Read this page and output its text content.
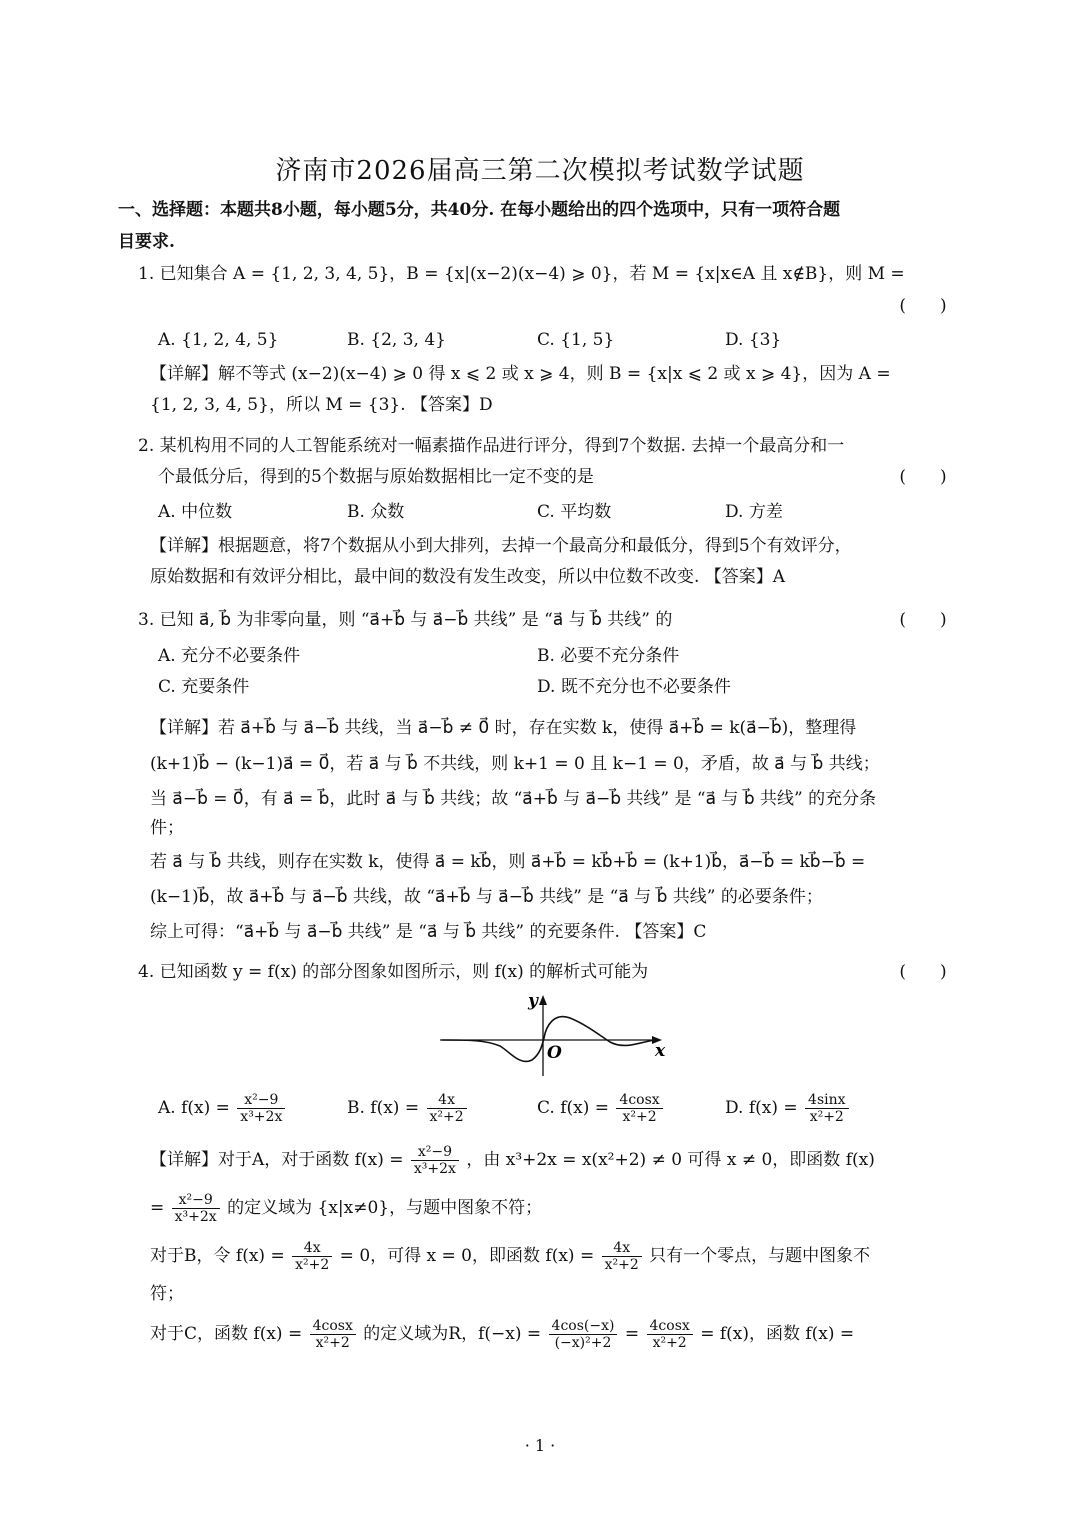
济南市2026届高三第二次模拟考试数学试题
一、选择题：本题共8小题，每小题5分，共40分. 在每小题给出的四个选项中，只有一项符合题
目要求.
1. 已知集合 A = {1, 2, 3, 4, 5}，B = {x|(x−2)(x−4) ⩾ 0}，若 M = {x|x∈A 且 x∉B}，则 M =
(　　)
A. {1, 2, 4, 5}	B. {2, 3, 4}	C. {1, 5}	D. {3}
【详解】解不等式 (x−2)(x−4) ⩾ 0 得 x ⩽ 2 或 x ⩾ 4，则 B = {x|x ⩽ 2 或 x ⩾ 4}，因为 A =
{1, 2, 3, 4, 5}，所以 M = {3}. 【答案】D
2. 某机构用不同的人工智能系统对一幅素描作品进行评分，得到7个数据. 去掉一个最高分和一
个最低分后，得到的5个数据与原始数据相比一定不变的是	(　　)
A. 中位数	B. 众数	C. 平均数	D. 方差
【详解】根据题意，将7个数据从小到大排列，去掉一个最高分和最低分，得到5个有效评分，
原始数据和有效评分相比，最中间的数没有发生改变，所以中位数不改变. 【答案】A
3. 已知 a⃗, b⃗ 为非零向量，则 “a⃗+b⃗ 与 a⃗−b⃗ 共线” 是 “a⃗ 与 b⃗ 共线” 的	(　　)
A. 充分不必要条件	B. 必要不充分条件
C. 充要条件	D. 既不充分也不必要条件
【详解】若 a⃗+b⃗ 与 a⃗−b⃗ 共线，当 a⃗−b⃗ ≠ 0⃗ 时，存在实数 k，使得 a⃗+b⃗ = k(a⃗−b⃗)，整理得
(k+1)b⃗ − (k−1)a⃗ = 0⃗，若 a⃗ 与 b⃗ 不共线，则 k+1 = 0 且 k−1 = 0，矛盾，故 a⃗ 与 b⃗ 共线；
当 a⃗−b⃗ = 0⃗，有 a⃗ = b⃗，此时 a⃗ 与 b⃗ 共线；故 “a⃗+b⃗ 与 a⃗−b⃗ 共线” 是 “a⃗ 与 b⃗ 共线” 的充分条
件；
若 a⃗ 与 b⃗ 共线，则存在实数 k，使得 a⃗ = kb⃗，则 a⃗+b⃗ = kb⃗+b⃗ = (k+1)b⃗，a⃗−b⃗ = kb⃗−b⃗ =
(k−1)b⃗，故 a⃗+b⃗ 与 a⃗−b⃗ 共线，故 “a⃗+b⃗ 与 a⃗−b⃗ 共线” 是 “a⃗ 与 b⃗ 共线” 的必要条件；
综上可得：“a⃗+b⃗ 与 a⃗−b⃗ 共线” 是 “a⃗ 与 b⃗ 共线” 的充要条件. 【答案】C
4. 已知函数 y = f(x) 的部分图象如图所示，则 f(x) 的解析式可能为	(　　)
y
x
O
A. $f(x) = \frac{\text{x²−9}}{\text{x³+2x}}$	B. $f(x) = \frac{4x}{\text{x²+2}}$	C. $f(x) = \frac{4\cos x}{\text{x²+2}}$	D. $f(x) = \frac{4\sin x}{\text{x²+2}}$
【详解】对于A，对于函数 $f(x) = \frac{\text{x²−9}}{\text{x³+2x}}$ ，由 x³+2x = x(x²+2) ≠ 0 可得 x ≠ 0，即函数 f(x)
= $\frac{\text{x²−9}}{\text{x³+2x}}$ 的定义域为 {x|x≠0}，与题中图象不符；
对于B，令 $f(x) = \frac{4x}{\text{x²+2}} = 0$，可得 x = 0，即函数 $f(x) = \frac{4x}{\text{x²+2}}$ 只有一个零点，与题中图象不
符；
对于C，函数 $f(x) = \frac{4\cos x}{\text{x²+2}}$ 的定义域为R，$f(-x) = \frac{4\cos(-x)}{\text{(−x)²+2}} = \frac{4\cos x}{\text{x²+2}} = f(x)$，函数 f(x) =
· 1 ·
